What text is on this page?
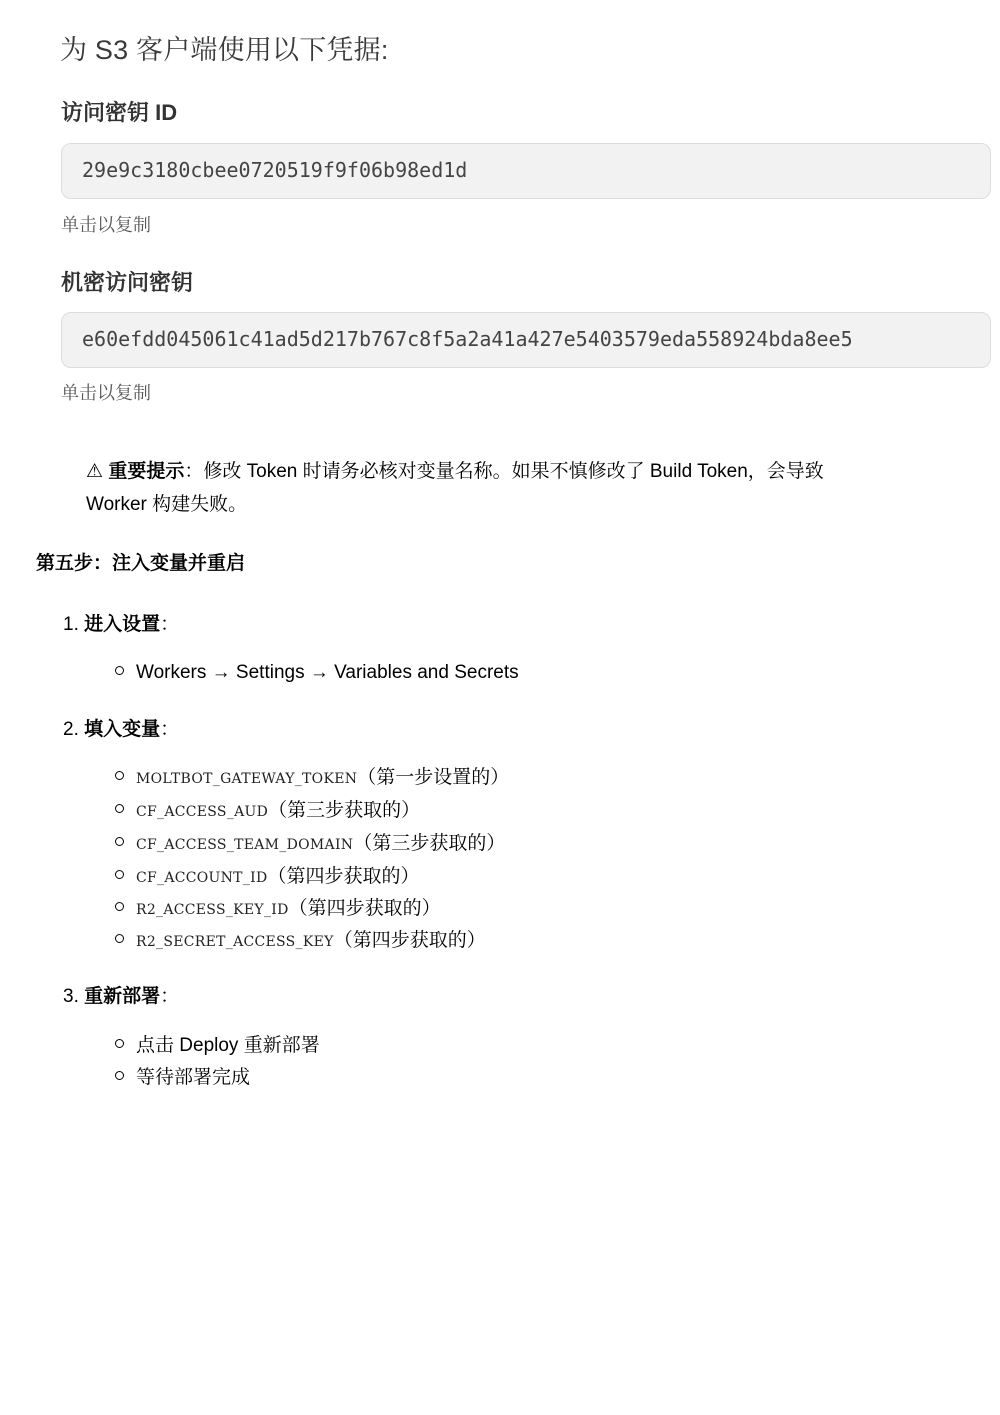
为 S3 客户端使用以下凭据:
访问密钥 ID
29e9c3180cbee0720519f9f06b98ed1d
单击以复制
机密访问密钥
e60efdd045061c41ad5d217b767c8f5a2a41a427e5403579eda558924bda8ee5
单击以复制
⚠ 重要提示：修改 Token 时请务必核对变量名称。如果不慎修改了 Build Token，会导致 Worker 构建失败。
第五步：注入变量并重启
1. 进入设置：
Workers → Settings → Variables and Secrets
2. 填入变量：
MOLTBOT_GATEWAY_TOKEN（第一步设置的）
CF_ACCESS_AUD（第三步获取的）
CF_ACCESS_TEAM_DOMAIN（第三步获取的）
CF_ACCOUNT_ID（第四步获取的）
R2_ACCESS_KEY_ID（第四步获取的）
R2_SECRET_ACCESS_KEY（第四步获取的）
3. 重新部署：
点击 Deploy 重新部署
等待部署完成
